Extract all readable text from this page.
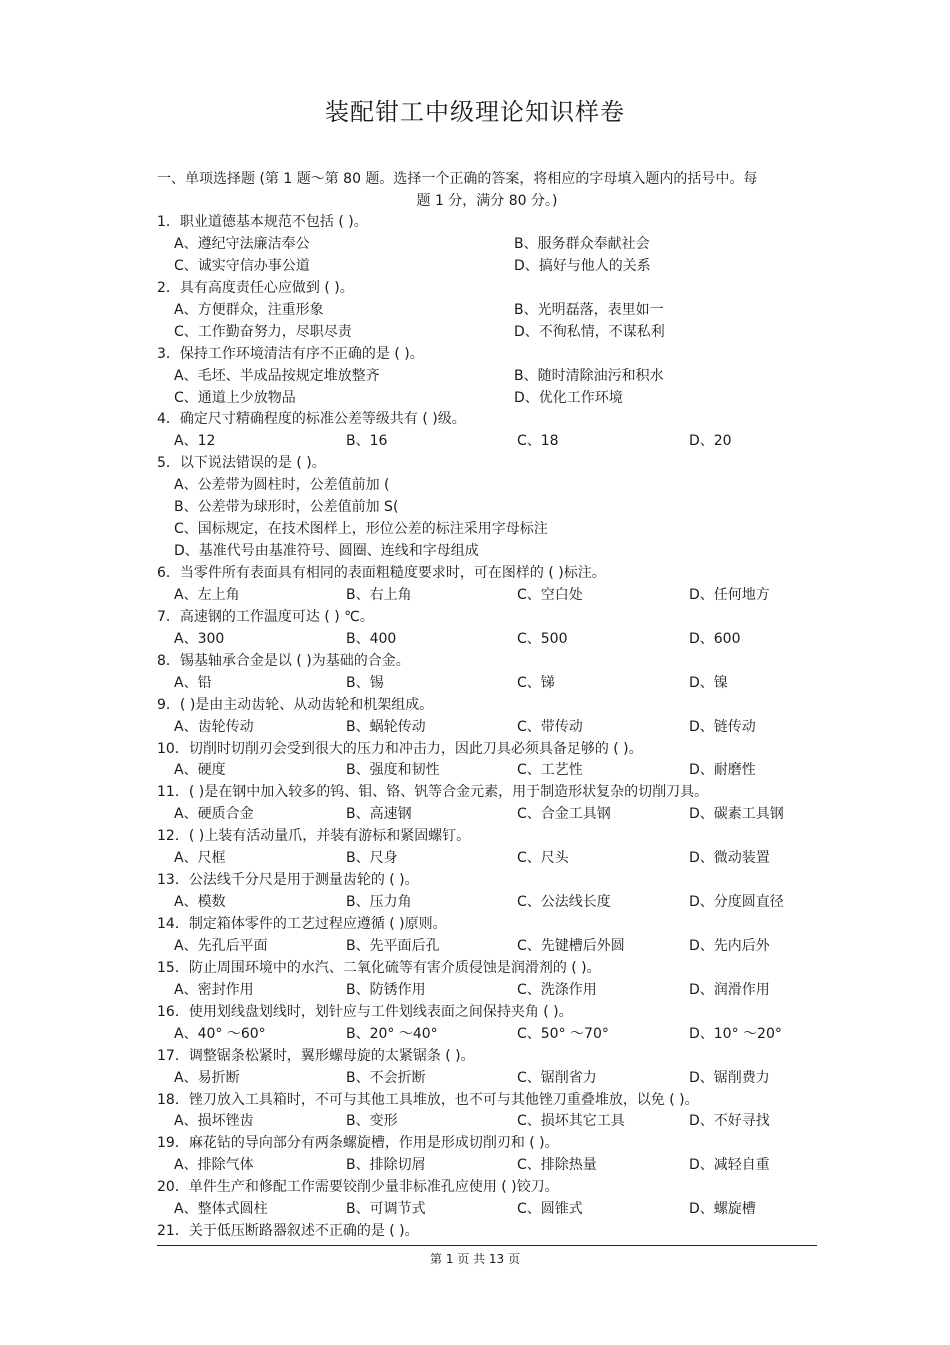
装配钳工中级理论知识样卷
一、单项选择题 (第 1 题～第 80 题。选择一个正确的答案，将相应的字母填入题内的括号中。每
题 1 分，满分 80 分。)
1．职业道德基本规范不包括 ( )。
A、遵纪守法廉洁奉公	B、服务群众奉献社会
C、诚实守信办事公道	D、搞好与他人的关系
2．具有高度责任心应做到 ( )。
A、方便群众，注重形象	B、光明磊落，表里如一
C、工作勤奋努力，尽职尽责	D、不徇私情，不谋私利
3．保持工作环境清洁有序不正确的是 ( )。
A、毛坯、半成品按规定堆放整齐	B、随时清除油污和积水
C、通道上少放物品	D、优化工作环境
4．确定尺寸精确程度的标准公差等级共有 ( )级。
A、12	B、16	C、18	D、20
5．以下说法错误的是 ( )。
A、公差带为圆柱时，公差值前加 (
B、公差带为球形时，公差值前加 S(
C、国标规定，在技术图样上，形位公差的标注采用字母标注
D、基准代号由基准符号、圆圈、连线和字母组成
6．当零件所有表面具有相同的表面粗糙度要求时，可在图样的 ( )标注。
A、左上角	B、右上角	C、空白处	D、任何地方
7．高速钢的工作温度可达 ( ) ℃。
A、300	B、400	C、500	D、600
8．锡基轴承合金是以 ( )为基础的合金。
A、铅	B、锡	C、锑	D、镍
9．( )是由主动齿轮、从动齿轮和机架组成。
A、齿轮传动	B、蜗轮传动	C、带传动	D、链传动
10．切削时切削刃会受到很大的压力和冲击力，因此刀具必须具备足够的 ( )。
A、硬度	B、强度和韧性	C、工艺性	D、耐磨性
11．( )是在钢中加入较多的钨、钼、铬、钒等合金元素，用于制造形状复杂的切削刀具。
A、硬质合金	B、高速钢	C、合金工具钢	D、碳素工具钢
12．( )上装有活动量爪，并装有游标和紧固螺钉。
A、尺框	B、尺身	C、尺头	D、微动装置
13．公法线千分尺是用于测量齿轮的 ( )。
A、模数	B、压力角	C、公法线长度	D、分度圆直径
14．制定箱体零件的工艺过程应遵循 ( )原则。
A、先孔后平面	B、先平面后孔	C、先键槽后外圆	D、先内后外
15．防止周围环境中的水汽、二氧化硫等有害介质侵蚀是润滑剂的 ( )。
A、密封作用	B、防锈作用	C、洗涤作用	D、润滑作用
16．使用划线盘划线时，划针应与工件划线表面之间保持夹角 ( )。
A、40° ～60°	B、20° ～40°	C、50° ～70°	D、10° ～20°
17．调整锯条松紧时，翼形螺母旋的太紧锯条 ( )。
A、易折断	B、不会折断	C、锯削省力	D、锯削费力
18．锉刀放入工具箱时，不可与其他工具堆放，也不可与其他锉刀重叠堆放，以免 ( )。
A、损坏锉齿	B、变形	C、损坏其它工具	D、不好寻找
19．麻花钻的导向部分有两条螺旋槽，作用是形成切削刃和 ( )。
A、排除气体	B、排除切屑	C、排除热量	D、减轻自重
20．单件生产和修配工作需要铰削少量非标准孔应使用 ( )铰刀。
A、整体式圆柱	B、可调节式	C、圆锥式	D、螺旋槽
21．关于低压断路器叙述不正确的是 ( )。
第 1 页 共 13 页
